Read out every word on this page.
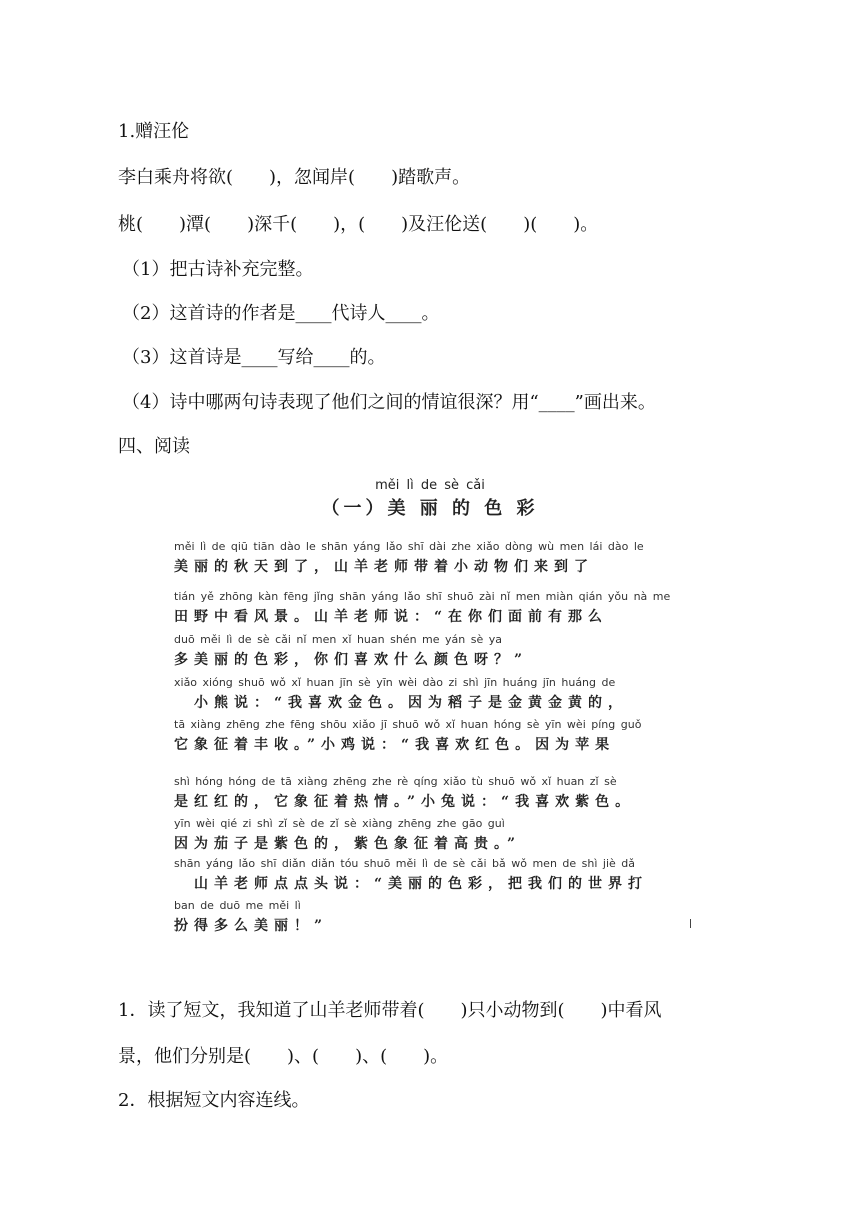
1.赠汪伦
李白乘舟将欲(　　)，忽闻岸(　　)踏歌声。
桃(　　)潭(　　)深千(　　)，(　　)及汪伦送(　　)(　　)。
（1）把古诗补充完整。
（2）这首诗的作者是____代诗人____。
（3）这首诗是____写给____的。
（4）诗中哪两句诗表现了他们之间的情谊很深？用“____”画出来。
四、阅读
měi lì de sè cǎi
（一）美 丽 的 色 彩
měi lì de qiū tiān dào le shān yáng lǎo shī dài zhe xiǎo dòng wù men lái dào le
美丽的秋天到了，山羊老师带着小动物们来到了
tián yě zhōng kàn fēng jǐng shān yáng lǎo shī shuō zài nǐ men miàn qián yǒu nà me
田野中看风景。山羊老师说：“在你们面前有那么
duō měi lì de sè cǎi nǐ men xǐ huan shén me yán sè ya
多美丽的色彩，你们喜欢什么颜色呀？”
xiǎo xióng shuō wǒ xǐ huan jīn sè yīn wèi dào zi shì jīn huáng jīn huáng de
　小熊说：“我喜欢金色。因为稻子是金黄金黄的，
tā xiàng zhēng zhe fēng shōu xiǎo jī shuō wǒ xǐ huan hóng sè yīn wèi píng guǒ
它象征着丰收。”小鸡说：“我喜欢红色。因为苹果
shì hóng hóng de tā xiàng zhēng zhe rè qíng xiǎo tù shuō wǒ xǐ huan zǐ sè
是红红的，它象征着热情。”小兔说：“我喜欢紫色。
yīn wèi qié zi shì zǐ sè de zǐ sè xiàng zhēng zhe gāo guì
因为茄子是紫色的，紫色象征着高贵。”
shān yáng lǎo shī diǎn diǎn tóu shuō měi lì de sè cǎi bǎ wǒ men de shì jiè dǎ
　山羊老师点点头说：“美丽的色彩，把我们的世界打
ban de duō me měi lì
扮得多么美丽！”
1．读了短文，我知道了山羊老师带着(　　)只小动物到(　　)中看风
景，他们分别是(　　)、(　　)、(　　)。
2．根据短文内容连线。
